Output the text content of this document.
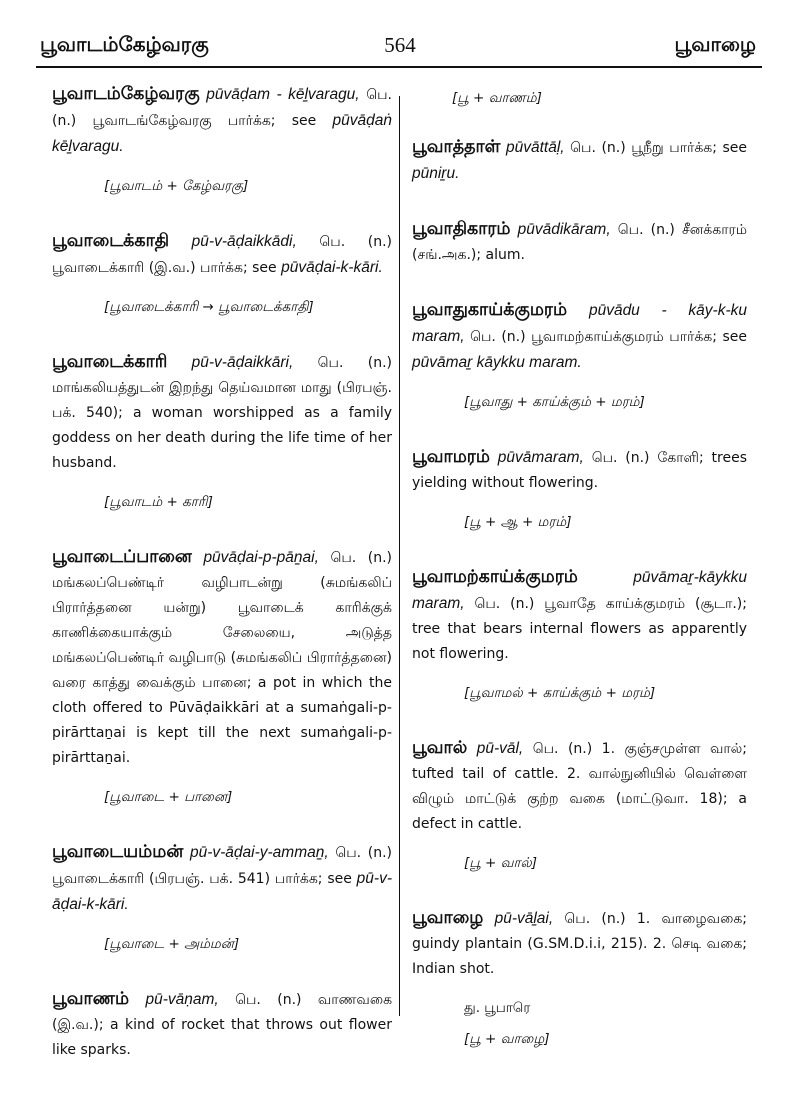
பூவாடம்கேழ்வரகு	564	பூவாழை

பூவாடம்கேழ்வரகு pūvāḍam - kēḻvaragu, பெ. (n.) பூவாடங்கேழ்வரகு பார்க்க; see pūvāḍaṅ kēḻvaragu.

[பூவாடம் + கேழ்வரகு]

பூவாடைக்காதி pū-v-āḍaikkādi, பெ. (n.) பூவாடைக்காரி (இ.வ.) பார்க்க; see pūvāḍai-k-kāri.

[பூவாடைக்காரி → பூவாடைக்காதி]

பூவாடைக்காரி pū-v-āḍaikkāri, பெ. (n.) மாங்கலியத்துடன் இறந்து தெய்வமான மாது (பிரபஞ். பக். 540); a woman worshipped as a family goddess on her death during the life time of her husband.

[பூவாடம் + காரி]

பூவாடைப்பானை pūvāḍai-p-pāṉai, பெ. (n.) மங்கலப்பெண்டிர் வழிபாடன்று (சுமங்கலிப் பிரார்த்தனை யன்று) பூவாடைக் காரிக்குக் காணிக்கையாக்கும் சேலையை, அடுத்த மங்கலப்பெண்டிர் வழிபாடு (சுமங்கலிப் பிரார்த்தனை) வரை காத்து வைக்கும் பானை; a pot in which the cloth offered to Pūvāḍaikkāri at a sumaṅgali-p-pirārttaṉai is kept till the next sumaṅgali-p-pirārttaṉai.

[பூவாடை + பானை]

பூவாடையம்மன் pū-v-āḍai-y-ammaṉ, பெ. (n.) பூவாடைக்காரி (பிரபஞ். பக். 541) பார்க்க; see pū-v-āḍai-k-kāri.

[பூவாடை + அம்மன்]

பூவாணம் pū-vāṇam, பெ. (n.) வாணவகை (இ.வ.); a kind of rocket that throws out flower like sparks.

[பூ + வாணம்]

பூவாத்தாள் pūvāttāḷ, பெ. (n.) பூநீறு பார்க்க; see pūniṟu.

பூவாதிகாரம் pūvādikāram, பெ. (n.) சீனக்காரம் (சங்.அக.); alum.

பூவாதுகாய்க்குமரம் pūvādu - kāy-k-ku maram, பெ. (n.) பூவாமற்காய்க்குமரம் பார்க்க; see pūvāmaṟ kāykku maram.

[பூவாது + காய்க்கும் + மரம்]

பூவாமரம் pūvāmaram, பெ. (n.) கோளி; trees yielding without flowering.

[பூ + ஆ + மரம்]

பூவாமற்காய்க்குமரம்	pūvāmaṟ-kāykku maram, பெ. (n.) பூவாதே காய்க்குமரம் (சூடா.); tree that bears internal flowers as apparently not flowering.

[பூவாமல் + காய்க்கும் + மரம்]

பூவால் pū-vāl, பெ. (n.) 1. குஞ்சமுள்ள வால்; tufted tail of cattle. 2. வால்நுனியில் வெள்ளை விழும் மாட்டுக் குற்ற வகை (மாட்டுவா. 18); a defect in cattle.

[பூ + வால்]

பூவாழை pū-vāḻai, பெ. (n.) 1. வாழைவகை; guindy plantain (G.SM.D.i.i, 215). 2. செடி வகை; Indian shot.

து. பூபாரெ
[பூ + வாழை]
